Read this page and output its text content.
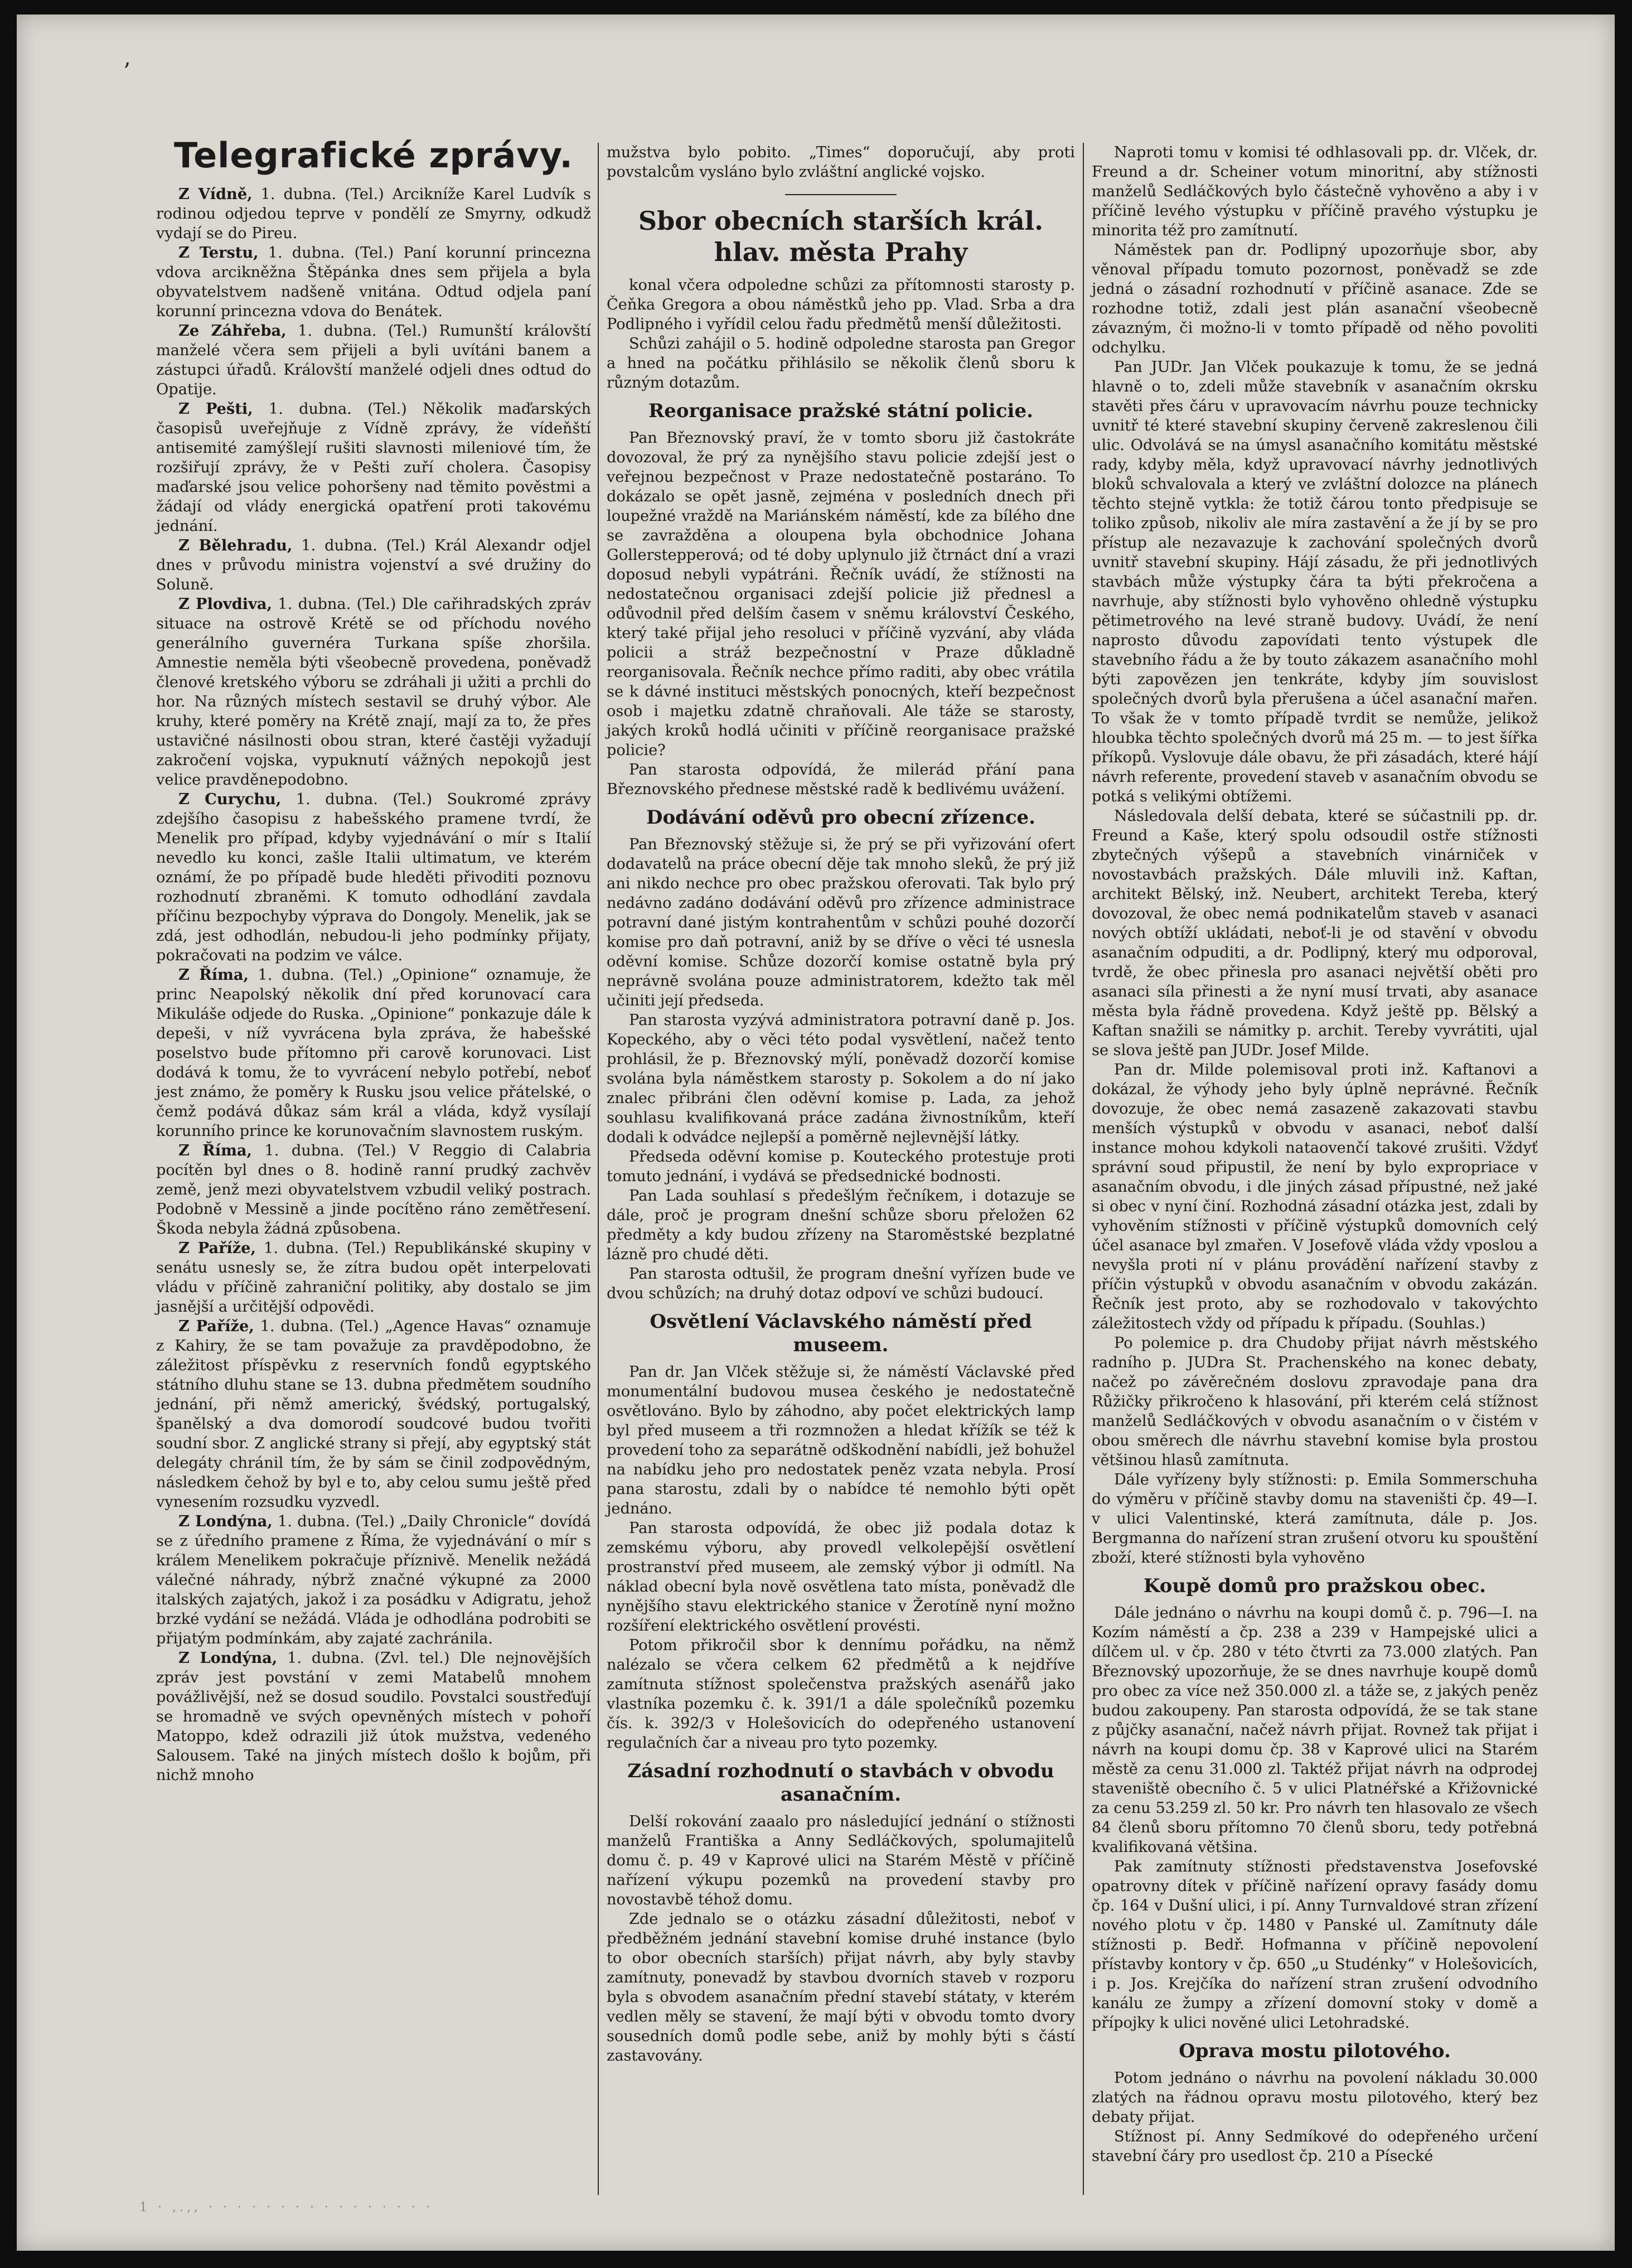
ʼ
Telegrafické zprávy.

Z Vídně, 1. dubna. (Tel.) Arcikníže Karel Ludvík s rodinou odjedou teprve v pondělí ze Smyrny, odkudž vydají se do Pireu.

Z Terstu, 1. dubna. (Tel.) Paní korunní princezna vdova arcikněžna Štěpánka dnes sem přijela a byla obyvatelstvem nadšeně vnitána. Odtud odjela paní korunní princezna vdova do Benátek.

Ze Záhřeba, 1. dubna. (Tel.) Rumunští královští manželé včera sem přijeli a byli uvítáni banem a zástupci úřadů. Královští manželé odjeli dnes odtud do Opatije.

Z Pešti, 1. dubna. (Tel.) Několik maďarských časopisů uveřejňuje z Vídně zprávy, že vídeňští antisemité zamýšlejí rušiti slavnosti mileniové tím, že rozšiřují zprávy, že v Pešti zuří cholera. Časopisy maďarské jsou velice pohoršeny nad těmito pověstmi a žádají od vlády energická opatření proti takovému jednání.

Z Bělehradu, 1. dubna. (Tel.) Král Alexandr odjel dnes v průvodu ministra vojenství a své družiny do Soluně.

Z Plovdiva, 1. dubna. (Tel.) Dle cařihradských zpráv situace na ostrově Krétě se od příchodu nového generálního guvernéra Turkana spíše zhoršila. Amnestie neměla býti všeobecně provedena, poněvadž členové kretského výboru se zdráhali ji užiti a prchli do hor. Na různých místech sestavil se druhý výbor. Ale kruhy, které poměry na Krétě znají, mají za to, že přes ustavičné násilnosti obou stran, které častěji vyžadují zakročení vojska, vypuknutí vážných nepokojů jest velice pravděnepodobno.

Z Curychu, 1. dubna. (Tel.) Soukromé zprávy zdejšího časopisu z habešského pramene tvrdí, že Menelik pro případ, kdyby vyjednávání o mír s Italií nevedlo ku konci, zašle Italii ultimatum, ve kterém oznámí, že po případě bude hleděti přivoditi poznovu rozhodnutí zbraněmi. K tomuto odhodlání zavdala příčinu bezpochyby výprava do Dongoly. Menelik, jak se zdá, jest odhodlán, nebudou-li jeho podmínky přijaty, pokračovati na podzim ve válce.

Z Říma, 1. dubna. (Tel.) „Opinione“ oznamuje, že princ Neapolský několik dní před korunovací cara Mikuláše odjede do Ruska. „Opinione“ ponkazuje dále k depeši, v níž vyvrácena byla zpráva, že habešské poselstvo bude přítomno při carově korunovaci. List dodává k tomu, že to vyvrácení nebylo potřebí, neboť jest známo, že poměry k Rusku jsou velice přátelské, o čemž podává důkaz sám král a vláda, když vysílají korunního prince ke korunovačním slavnostem ruským.

Z Říma, 1. dubna. (Tel.) V Reggio di Calabria pocítěn byl dnes o 8. hodině ranní prudký zachvěv země, jenž mezi obyvatelstvem vzbudil veliký postrach. Podobně v Messině a jinde pocítěno ráno zemětřesení. Škoda nebyla žádná způsobena.

Z Paříže, 1. dubna. (Tel.) Republikánské skupiny v senátu usnesly se, že zítra budou opět interpelovati vládu v příčině zahraniční politiky, aby dostalo se jim jasnější a určitější odpovědi.

Z Paříže, 1. dubna. (Tel.) „Agence Havas“ oznamuje z Kahiry, že se tam považuje za pravděpodobno, že záležitost příspěvku z reservních fondů egyptského státního dluhu stane se 13. dubna předmětem soudního jednání, při němž americký, švédský, portugalský, španělský a dva domorodí soudcové budou tvořiti soudní sbor. Z anglické strany si přejí, aby egyptský stát delegáty chránil tím, že by sám se činil zodpovědným, následkem čehož by byl e to, aby celou sumu ještě před vynesením rozsudku vyzvedl.

Z Londýna, 1. dubna. (Tel.) „Daily Chronicle“ dovídá se z úředního pramene z Říma, že vyjednávání o mír s králem Menelikem pokračuje příznivě. Menelik nežádá válečné náhrady, nýbrž značné výkupné za 2000 italských zajatých, jakož i za posádku v Adigratu, jehož brzké vydání se nežádá. Vláda je odhodlána podrobiti se přijatým podmínkám, aby zajaté zachránila.

Z Londýna, 1. dubna. (Zvl. tel.) Dle nejnovějších zpráv jest povstání v zemi Matabelů mnohem povážlivější, než se dosud soudilo. Povstalci soustřeďují se hromadně ve svých opevněných místech v pohoří Matoppo, kdež odrazili již útok mužstva, vedeného Salousem. Také na jiných místech došlo k bojům, při nichž mnoho

mužstva bylo pobito. „Times“ doporučují, aby proti povstalcům vysláno bylo zvláštní anglické vojsko.

Sbor obecních starších král. hlav. města Prahy

konal včera odpoledne schůzi za přítomnosti starosty p. Čeňka Gregora a obou náměstků jeho pp. Vlad. Srba a dra Podlipného i vyřídil celou řadu předmětů menší důležitosti.

Schůzi zahájil o 5. hodině odpoledne starosta pan Gregor a hned na počátku přihlásilo se několik členů sboru k různým dotazům.

Reorganisace pražské státní policie.

Pan Březnovský praví, že v tomto sboru již častokráte dovozoval, že prý za nynějšího stavu policie zdejší jest o veřejnou bezpečnost v Praze nedostatečně postaráno. To dokázalo se opět jasně, zejména v posledních dnech při loupežné vraždě na Mariánském náměstí, kde za bílého dne se zavražděna a oloupena byla obchodnice Johana Gollerstepperová; od té doby uplynulo již čtrnáct dní a vrazi doposud nebyli vypátráni. Řečník uvádí, že stížnosti na nedostatečnou organisaci zdejší policie již přednesl a odůvodnil před delším časem v sněmu království Českého, který také přijal jeho resoluci v příčině vyzvání, aby vláda policii a stráž bezpečnostní v Praze důkladně reorganisovala. Řečník nechce přímo raditi, aby obec vrátila se k dávné instituci městských ponocných, kteří bezpečnost osob i majetku zdatně chraňovali. Ale táže se starosty, jakých kroků hodlá učiniti v příčině reorganisace pražské policie?

Pan starosta odpovídá, že milerád přání pana Březnovského přednese městské radě k bedlivému uvážení.

Dodávání oděvů pro obecní zřízence.

Pan Březnovský stěžuje si, že prý se při vyřizování ofert dodavatelů na práce obecní děje tak mnoho sleků, že prý již ani nikdo nechce pro obec pražskou oferovati. Tak bylo prý nedávno zadáno dodávání oděvů pro zřízence administrace potravní dané jistým kontrahentům v schůzi pouhé dozorčí komise pro daň potravní, aniž by se dříve o věci té usnesla oděvní komise. Schůze dozorčí komise ostatně byla prý neprávně svolána pouze administratorem, kdežto tak měl učiniti její předseda.

Pan starosta vyzývá administratora potravní daně p. Jos. Kopeckého, aby o věci této podal vysvětlení, načež tento prohlásil, že p. Březnovský mýlí, poněvadž dozorčí komise svolána byla náměstkem starosty p. Sokolem a do ní jako znalec přibráni člen oděvní komise p. Lada, za jehož souhlasu kvalifikovaná práce zadána živnostníkům, kteří dodali k odvádce nejlepší a poměrně nejlevnější látky.

Předseda oděvní komise p. Kouteckého protestuje proti tomuto jednání, i vydává se předsednické bodnosti.

Pan Lada souhlasí s předešlým řečníkem, i dotazuje se dále, proč je program dnešní schůze sboru přeložen 62 předměty a kdy budou zřízeny na Staroměstské bezplatné lázně pro chudé děti.

Pan starosta odtušil, že program dnešní vyřízen bude ve dvou schůzích; na druhý dotaz odpoví ve schůzi budoucí.

Osvětlení Václavského náměstí před museem.

Pan dr. Jan Vlček stěžuje si, že náměstí Václavské před monumentální budovou musea českého je nedostatečně osvětlováno. Bylo by záhodno, aby počet elektrických lamp byl před museem a tři rozmnožen a hledat křížík se též k provedení toho za separátně odškodnění nabídli, jež bohužel na nabídku jeho pro nedostatek peněz vzata nebyla. Prosí pana starostu, zdali by o nabídce té nemohlo býti opět jednáno.

Pan starosta odpovídá, že obec již podala dotaz k zemskému výboru, aby provedl velkolepější osvětlení prostranství před museem, ale zemský výbor ji odmítl. Na náklad obecní byla nově osvětlena tato místa, poněvadž dle nynějšího stavu elektrického stanice v Žerotíně nyní možno rozšíření elektrického osvětlení provésti.

Potom přikročil sbor k dennímu pořádku, na němž nalézalo se včera celkem 62 předmětů a k nejdříve zamítnuta stížnost společenstva pražských asenářů jako vlastníka pozemku č. k. 391/1 a dále společníků pozemku čís. k. 392/3 v Holešovicích do odepřeného ustanovení regulačních čar a niveau pro tyto pozemky.

Zásadní rozhodnutí o stavbách v obvodu asanačním.

Delší rokování zaaalo pro následující jednání o stížnosti manželů Františka a Anny Sedláčkových, spolumajitelů domu č. p. 49 v Kaprové ulici na Starém Městě v příčině nařízení výkupu pozemků na provedení stavby pro novostavbě téhož domu.

Zde jednalo se o otázku zásadní důležitosti, neboť v předběžném jednání stavební komise druhé instance (bylo to obor obecních starších) přijat návrh, aby byly stavby zamítnuty, ponevadž by stavbou dvorních staveb v rozporu byla s obvodem asanačním přední stavebí státaty, v kterém vedlen měly se stavení, že mají býti v obvodu tomto dvory sousedních domů podle sebe, aniž by mohly býti s částí zastavovány.

Naproti tomu v komisi té odhlasovali pp. dr. Vlček, dr. Freund a dr. Scheiner votum minoritní, aby stížnosti manželů Sedláčkových bylo částečně vyhověno a aby i v příčině levého výstupku v příčině pravého výstupku je minorita též pro zamítnutí.

Náměstek pan dr. Podlipný upozorňuje sbor, aby věnoval případu tomuto pozornost, poněvadž se zde jedná o zásadní rozhodnutí v příčině asanace. Zde se rozhodne totiž, zdali jest plán asanační všeobecně závazným, či možno-li v tomto případě od něho povoliti odchylku.

Pan JUDr. Jan Vlček poukazuje k tomu, že se jedná hlavně o to, zdeli může stavebník v asanačním okrsku stavěti přes čáru v upravovacím návrhu pouze technicky uvnitř té které stavební skupiny červeně zakreslenou čili ulic. Odvolává se na úmysl asanačního komitátu městské rady, kdyby měla, když upravovací návrhy jednotlivých bloků schvalovala a který ve zvláštní dolozce na plánech těchto stejně vytkla: že totiž čárou tonto předpisuje se toliko způsob, nikoliv ale míra zastavění a že jí by se pro přístup ale nezavazuje k zachování společných dvorů uvnitř stavební skupiny. Hájí zásadu, že při jednotlivých stavbách může výstupky čára ta býti překročena a navrhuje, aby stížnosti bylo vyhověno ohledně výstupku pětimetrového na levé straně budovy. Uvádí, že není naprosto důvodu zapovídati tento výstupek dle stavebního řádu a že by touto zákazem asanačního mohl býti zapovězen jen tenkráte, kdyby jím souvislost společných dvorů byla přerušena a účel asanační mařen. To však že v tomto případě tvrdit se nemůže, jelikož hloubka těchto společných dvorů má 25 m. — to jest šířka příkopů. Vyslovuje dále obavu, že při zásadách, které hájí návrh referente, provedení staveb v asanačním obvodu se potká s velikými obtížemi.

Následovala delší debata, které se súčastnili pp. dr. Freund a Kaše, který spolu odsoudil ostře stížnosti zbytečných výšepů a stavebních vinárniček v novostavbách pražských. Dále mluvili inž. Kaftan, architekt Bělský, inž. Neubert, architekt Tereba, který dovozoval, že obec nemá podnikatelům staveb v asanaci nových obtíží ukládati, neboť-li je od stavění v obvodu asanačním odpuditi, a dr. Podlipný, který mu odporoval, tvrdě, že obec přinesla pro asanaci největší oběti pro asanaci síla přinesti a že nyní musí trvati, aby asanace města byla řádně provedena. Když ještě pp. Bělský a Kaftan snažili se námitky p. archit. Tereby vyvrátiti, ujal se slova ještě pan JUDr. Josef Milde.

Pan dr. Milde polemisoval proti inž. Kaftanovi a dokázal, že výhody jeho byly úplně neprávné. Řečník dovozuje, že obec nemá zasazeně zakazovati stavbu menších výstupků v obvodu v asanaci, neboť další instance mohou kdykoli nataovenčí takové zrušiti. Vždyť správní soud připustil, že není by bylo expropriace v asanačním obvodu, i dle jiných zásad přípustné, než jaké si obec v nyní činí. Rozhodná zásadní otázka jest, zdali by vyhověním stížnosti v příčině výstupků domovních celý účel asanace byl zmařen. V Josefově vláda vždy vposlou a nevyšla proti ní v plánu provádění nařízení stavby z příčin výstupků v obvodu asanačním v obvodu zakázán. Řečník jest proto, aby se rozhodovalo v takovýchto záležitostech vždy od případu k případu. (Souhlas.)

Po polemice p. dra Chudoby přijat návrh městského radního p. JUDra St. Prachenského na konec debaty, načež po závěrečném doslovu zpravodaje pana dra Růžičky přikročeno k hlasování, při kterém celá stížnost manželů Sedláčkových v obvodu asanačním o v čistém v obou směrech dle návrhu stavební komise byla prostou většinou hlasů zamítnuta.

Dále vyřízeny byly stížnosti: p. Emila Sommerschuha do výměru v příčině stavby domu na staveništi čp. 49—I. v ulici Valentinské, která zamítnuta, dále p. Jos. Bergmanna do nařízení stran zrušení otvoru ku spouštění zboží, které stížnosti byla vyhověno

Koupě domů pro pražskou obec.

Dále jednáno o návrhu na koupi domů č. p. 796—I. na Kozím náměstí a čp. 238 a 239 v Hampejské ulici a dílčem ul. v čp. 280 v této čtvrti za 73.000 zlatých. Pan Březnovský upozorňuje, že se dnes navrhuje koupě domů pro obec za více než 350.000 zl. a táže se, z jakých peněz budou zakoupeny. Pan starosta odpovídá, že se tak stane z půjčky asanační, načež návrh přijat. Rovnež tak přijat i návrh na koupi domu čp. 38 v Kaprové ulici na Starém městě za cenu 31.000 zl. Taktéž přijat návrh na odprodej staveniště obecního č. 5 v ulici Platnéřské a Křižovnické za cenu 53.259 zl. 50 kr. Pro návrh ten hlasovalo ze všech 84 členů sboru přítomno 70 členů sboru, tedy potřebná kvalifikovaná většina.

Pak zamítnuty stížnosti představenstva Josefovské opatrovny dítek v příčině nařízení opravy fasády domu čp. 164 v Dušní ulici, i pí. Anny Turnvaldové stran zřízení nového plotu v čp. 1480 v Panské ul. Zamítnuty dále stížnosti p. Bedř. Hofmanna v příčině nepovolení přístavby kontory v čp. 650 „u Studénky“ v Holešovicích, i p. Jos. Krejčíka do nařízení stran zrušení odvodního kanálu ze žumpy a zřízení domovní stoky v domě a přípojky k ulici nověné ulici Letohradské.

Oprava mostu pilotového.

Potom jednáno o návrhu na povolení nákladu 30.000 zlatých na řádnou opravu mostu pilotového, který bez debaty přijat.

Stížnost pí. Anny Sedmíkové do odepřeného určení stavební čáry pro usedlost čp. 210 a Písecké

1 · ,.,, · · · · · · · · · · · · · · · ·
